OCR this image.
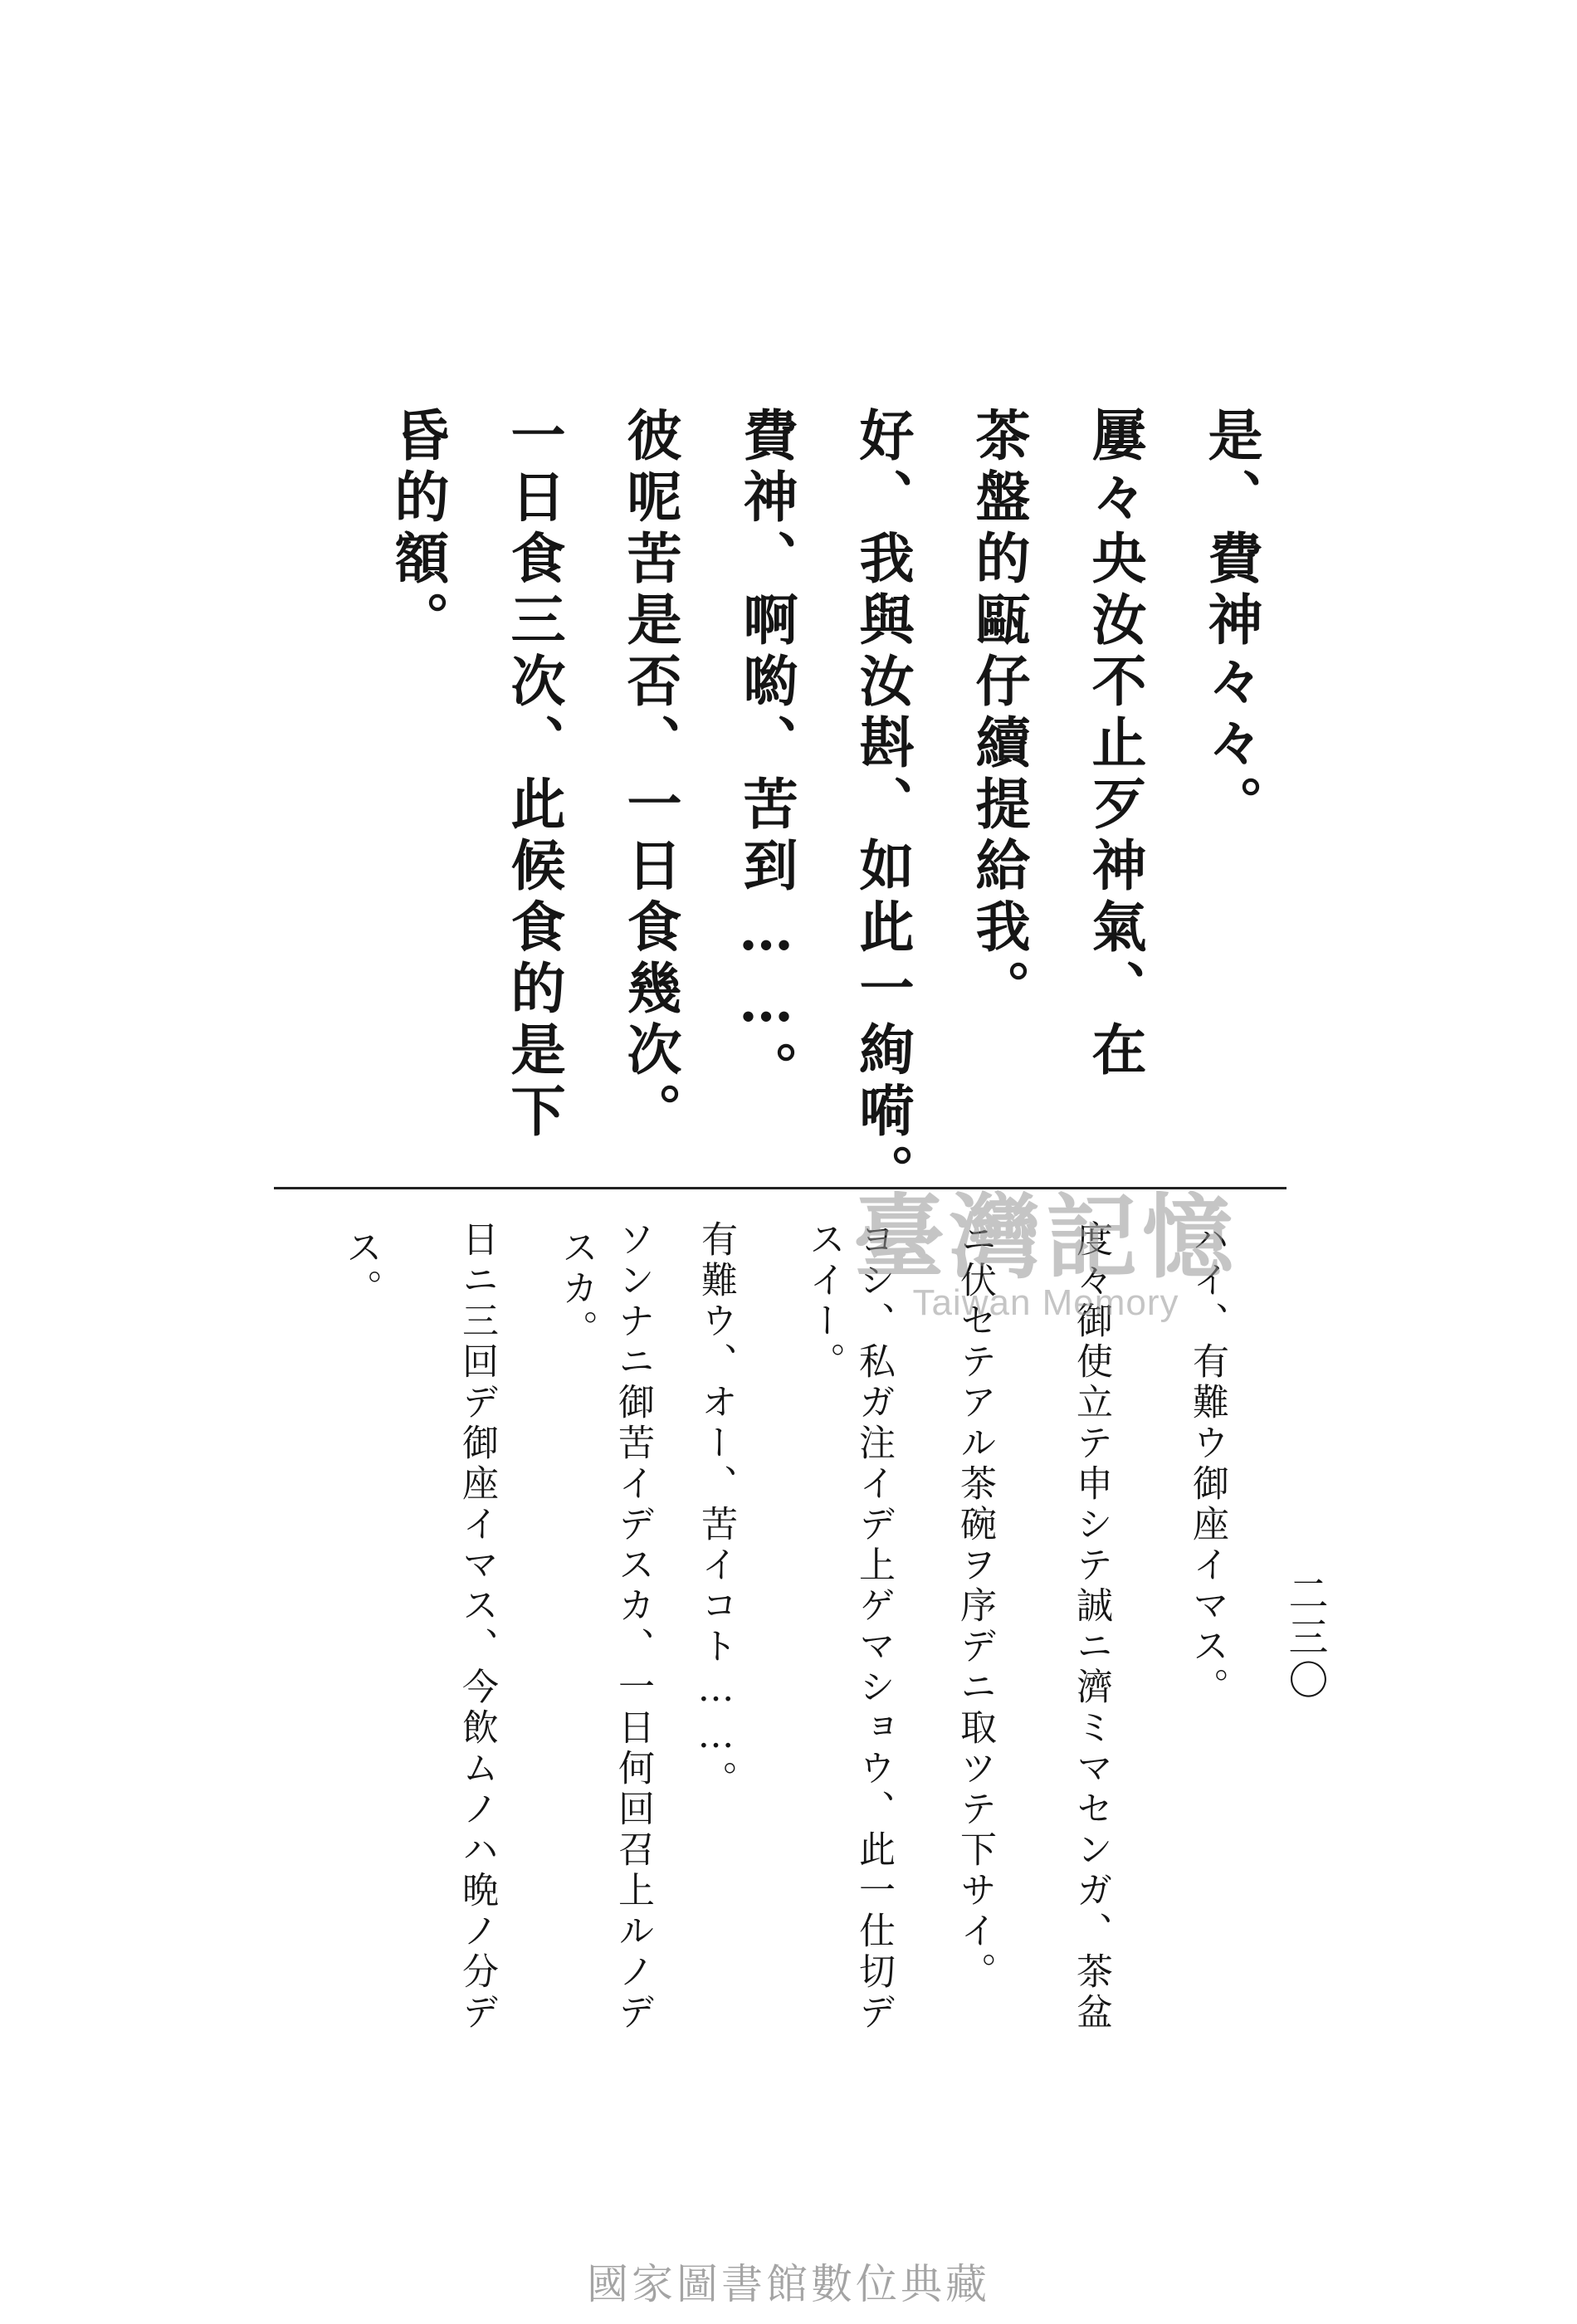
二三〇
是、費神々々。
屢々央汝不止歹神氣、在
茶盤的甌仔續提給我。
好、我與汝斟、如此一絢嗬。
費神、啊喲、苦到……。
彼呢苦是否、一日食幾次。
一日食三次、此候食的是下
昏的額。
ハイ、有難ウ御座イマス。
度々御使立テ申シテ誠ニ濟ミマセンガ、茶盆
ニ伏セテアル茶碗ヲ序デニ取ツテ下サイ。
ヨシ、私ガ注イデ上ゲマショウ、此一仕切デ
スイー。
有難ウ、オー、苦イコト……。
ソンナニ御苦イデスカ、一日何回召上ルノデ
スカ。
日ニ三回デ御座イマス、今飲ムノハ晩ノ分デ
ス。	臺灣記憶
Taiwan Memory
國家圖書館數位典藏
